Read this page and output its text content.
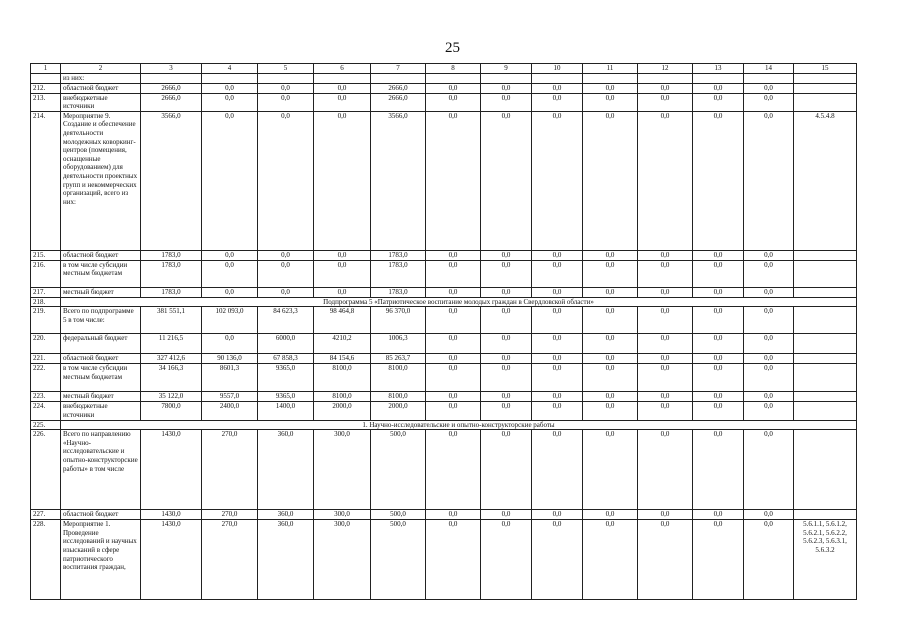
25
1	2	3	4	5	6	7	8	9	10	11	12	13	14	15
	из них:													
212.	областной бюджет	2666,0	0,0	0,0	0,0	2666,0	0,0	0,0	0,0	0,0	0,0	0,0	0,0	
213.	внебюджетные источники	2666,0	0,0	0,0	0,0	2666,0	0,0	0,0	0,0	0,0	0,0	0,0	0,0	
214.	Мероприятие 9. Создание и обеспечение деятельности молодежных коворкинг-центров (помещения, оснащенные оборудованием) для деятельности проектных групп и некоммерческих организаций, всего из них:	3566,0	0,0	0,0	0,0	3566,0	0,0	0,0	0,0	0,0	0,0	0,0	0,0	4.5.4.8
215.	областной бюджет	1783,0	0,0	0,0	0,0	1783,0	0,0	0,0	0,0	0,0	0,0	0,0	0,0	
216.	в том числе субсидии местным бюджетам	1783,0	0,0	0,0	0,0	1783,0	0,0	0,0	0,0	0,0	0,0	0,0	0,0	
217.	местный бюджет	1783,0	0,0	0,0	0,0	1783,0	0,0	0,0	0,0	0,0	0,0	0,0	0,0	
218.	Подпрограмма 5 «Патриотическое воспитание молодых граждан в Свердловской области»													
219.	Всего по подпрограмме 5 в том числе:	381 551,1	102 093,0	84 623,3	98 464,8	96 370,0	0,0	0,0	0,0	0,0	0,0	0,0	0,0	
220.	федеральный бюджет	11 216,5	0,0	6000,0	4210,2	1006,3	0,0	0,0	0,0	0,0	0,0	0,0	0,0	
221.	областной бюджет	327 412,6	90 136,0	67 858,3	84 154,6	85 263,7	0,0	0,0	0,0	0,0	0,0	0,0	0,0	
222.	в том числе субсидии местным бюджетам	34 166,3	8601,3	9365,0	8100,0	8100,0	0,0	0,0	0,0	0,0	0,0	0,0	0,0	
223.	местный бюджет	35 122,0	9557,0	9365,0	8100,0	8100,0	0,0	0,0	0,0	0,0	0,0	0,0	0,0	
224.	внебюджетные источники	7800,0	2400,0	1400,0	2000,0	2000,0	0,0	0,0	0,0	0,0	0,0	0,0	0,0	
225.	1. Научно-исследовательские и опытно-конструкторские работы													
226.	Всего по направлению «Научно-исследовательские и опытно-конструкторские работы» в том числе	1430,0	270,0	360,0	300,0	500,0	0,0	0,0	0,0	0,0	0,0	0,0	0,0	
227.	областной бюджет	1430,0	270,0	360,0	300,0	500,0	0,0	0,0	0,0	0,0	0,0	0,0	0,0	
228.	Мероприятие 1. Проведение исследований и научных изысканий в сфере патриотического воспитания граждан,	1430,0	270,0	360,0	300,0	500,0	0,0	0,0	0,0	0,0	0,0	0,0	0,0	5.6.1.1, 5.6.1.2, 5.6.2.1, 5.6.2.2, 5.6.2.3, 5.6.3.1, 5.6.3.2
